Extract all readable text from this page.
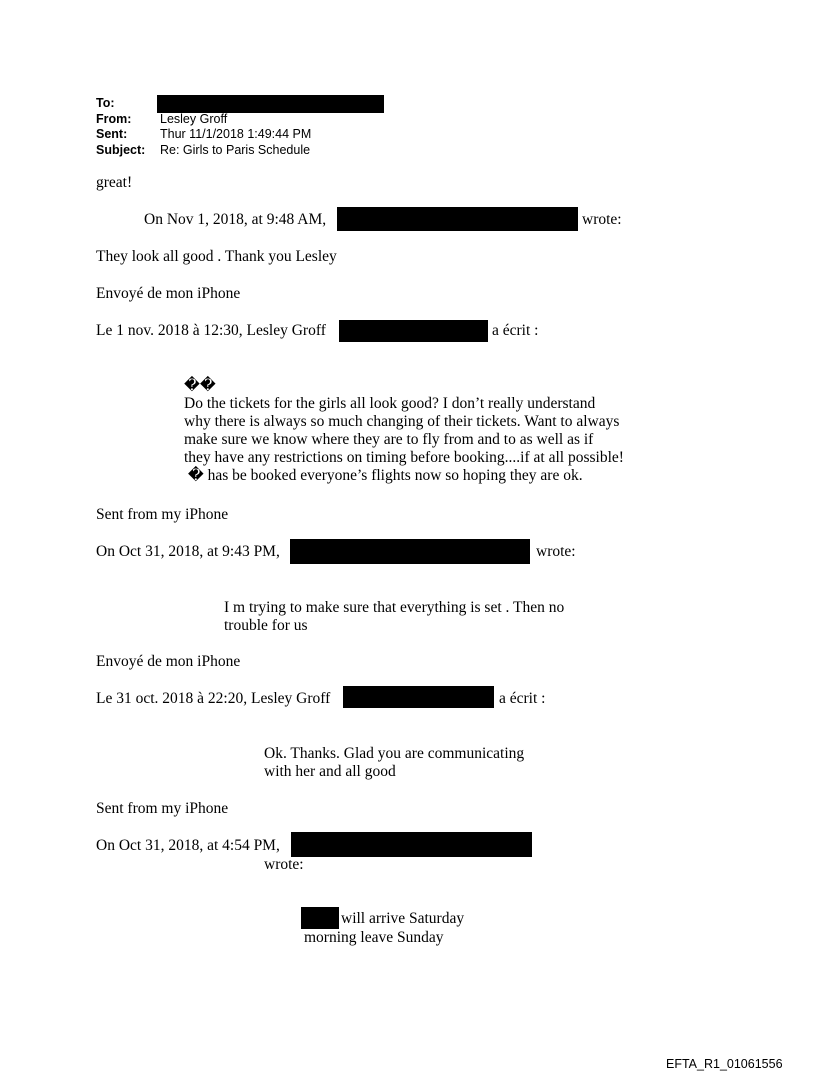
To:
From: Lesley Groff
Sent:	Thur 11/1/2018 1:49:44 PM
Subject: Re: Girls to Paris Schedule
great!
On Nov 1, 2018, at 9:48 AM,	wrote:
They look all good . Thank you Lesley
Envoyé de mon iPhone
Le 1 nov. 2018 à 12:30, Lesley Groff	a écrit :

��

Do the tickets for the girls all look good? I don’t really understand

why there is always so much changing of their tickets. Want to always

make sure we know where they are to fly from and to as well as if

they have any restrictions on timing before booking....if at all possible!

� has be booked everyone’s flights now so hoping they are ok.

Sent from my iPhone
On Oct 31, 2018, at 9:43 PM,	wrote:

I m trying to make sure that everything is set . Then no

trouble for us

Envoyé de mon iPhone
Le 31 oct. 2018 à 22:20, Lesley Groff	a écrit :

Ok. Thanks. Glad you are communicating

with her and all good

Sent from my iPhone
On Oct 31, 2018, at 4:54 PM,
wrote:
will arrive Saturday
morning leave Sunday
EFTA_R1_01061556
